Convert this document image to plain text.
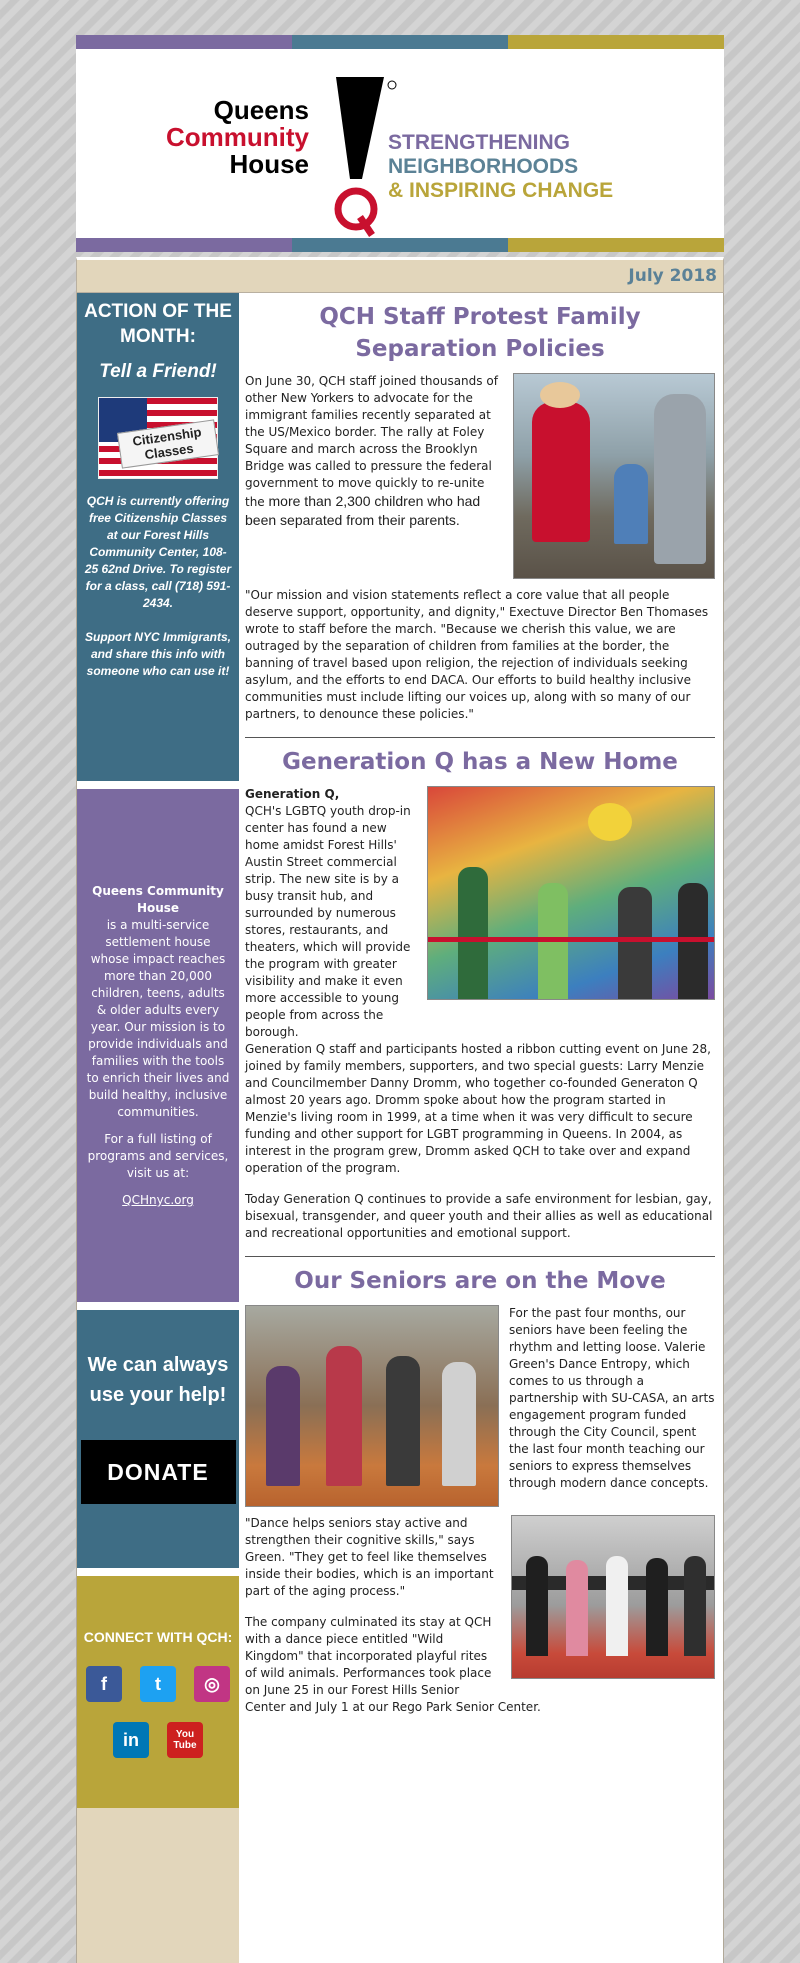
Queens
Community
House
STRENGTHENING
NEIGHBORHOODS
& INSPIRING CHANGE
July 2018
ACTION OF THE MONTH:
Tell a Friend!
Citizenship Classes

QCH is currently offering free Citizenship Classes at our Forest Hills Community Center, 108-25 62nd Drive. To register for a class, call (718) 591-2434.

Support NYC Immigrants, and share this info with someone who can use it!

Queens Community House
is a multi-service settlement house whose impact reaches more than 20,000 children, teens, adults & older adults every year. Our mission is to provide individuals and families with the tools to enrich their lives and build healthy, inclusive communities.

For a full listing of programs and services, visit us at:

QCHnyc.org

We can always use your help!
DONATE
CONNECT WITH QCH:
f	t	◎
in	You Tube
QCH Staff Protest Family Separation Policies

On June 30, QCH staff joined thousands of other New Yorkers to advocate for the immigrant families recently separated at the US/Mexico border. The rally at Foley Square and march across the Brooklyn Bridge was called to pressure the federal government to move quickly to re-unite the more than 2,300 children who had been separated from their parents.

"Our mission and vision statements reflect a core value that all people deserve support, opportunity, and dignity," Exectuve Director Ben Thomases wrote to staff before the march. "Because we cherish this value, we are outraged by the separation of children from families at the border, the banning of travel based upon religion, the rejection of individuals seeking asylum, and the efforts to end DACA. Our efforts to build healthy inclusive communities must include lifting our voices up, along with so many of our partners, to denounce these policies."

Generation Q has a New Home

Generation Q,
QCH's LGBTQ youth drop-in center has found a new home amidst Forest Hills' Austin Street commercial strip. The new site is by a busy transit hub, and surrounded by numerous stores, restaurants, and theaters, which will provide the program with greater visibility and make it even more accessible to young people from across the borough.

Generation Q staff and participants hosted a ribbon cutting event on June 28, joined by family members, supporters, and two special guests: Larry Menzie and Councilmember Danny Dromm, who together co-founded Generaton Q almost 20 years ago. Dromm spoke about how the program started in Menzie's living room in 1999, at a time when it was very difficult to secure funding and other support for LGBT programming in Queens. In 2004, as interest in the program grew, Dromm asked QCH to take over and expand operation of the program.

Today Generation Q continues to provide a safe environment for lesbian, gay, bisexual, transgender, and queer youth and their allies as well as educational and recreational opportunities and emotional support.

Our Seniors are on the Move

For the past four months, our seniors have been feeling the rhythm and letting loose. Valerie Green's Dance Entropy, which comes to us through a partnership with SU-CASA, an arts engagement program funded through the City Council, spent the last four month teaching our seniors to express themselves through modern dance concepts.

"Dance helps seniors stay active and strengthen their cognitive skills," says Green. "They get to feel like themselves inside their bodies, which is an important part of the aging process."

The company culminated its stay at QCH with a dance piece entitled "Wild Kingdom" that incorporated playful rites of wild animals. Performances took place on June 25 in our Forest Hills Senior Center and July 1 at our Rego Park Senior Center.
